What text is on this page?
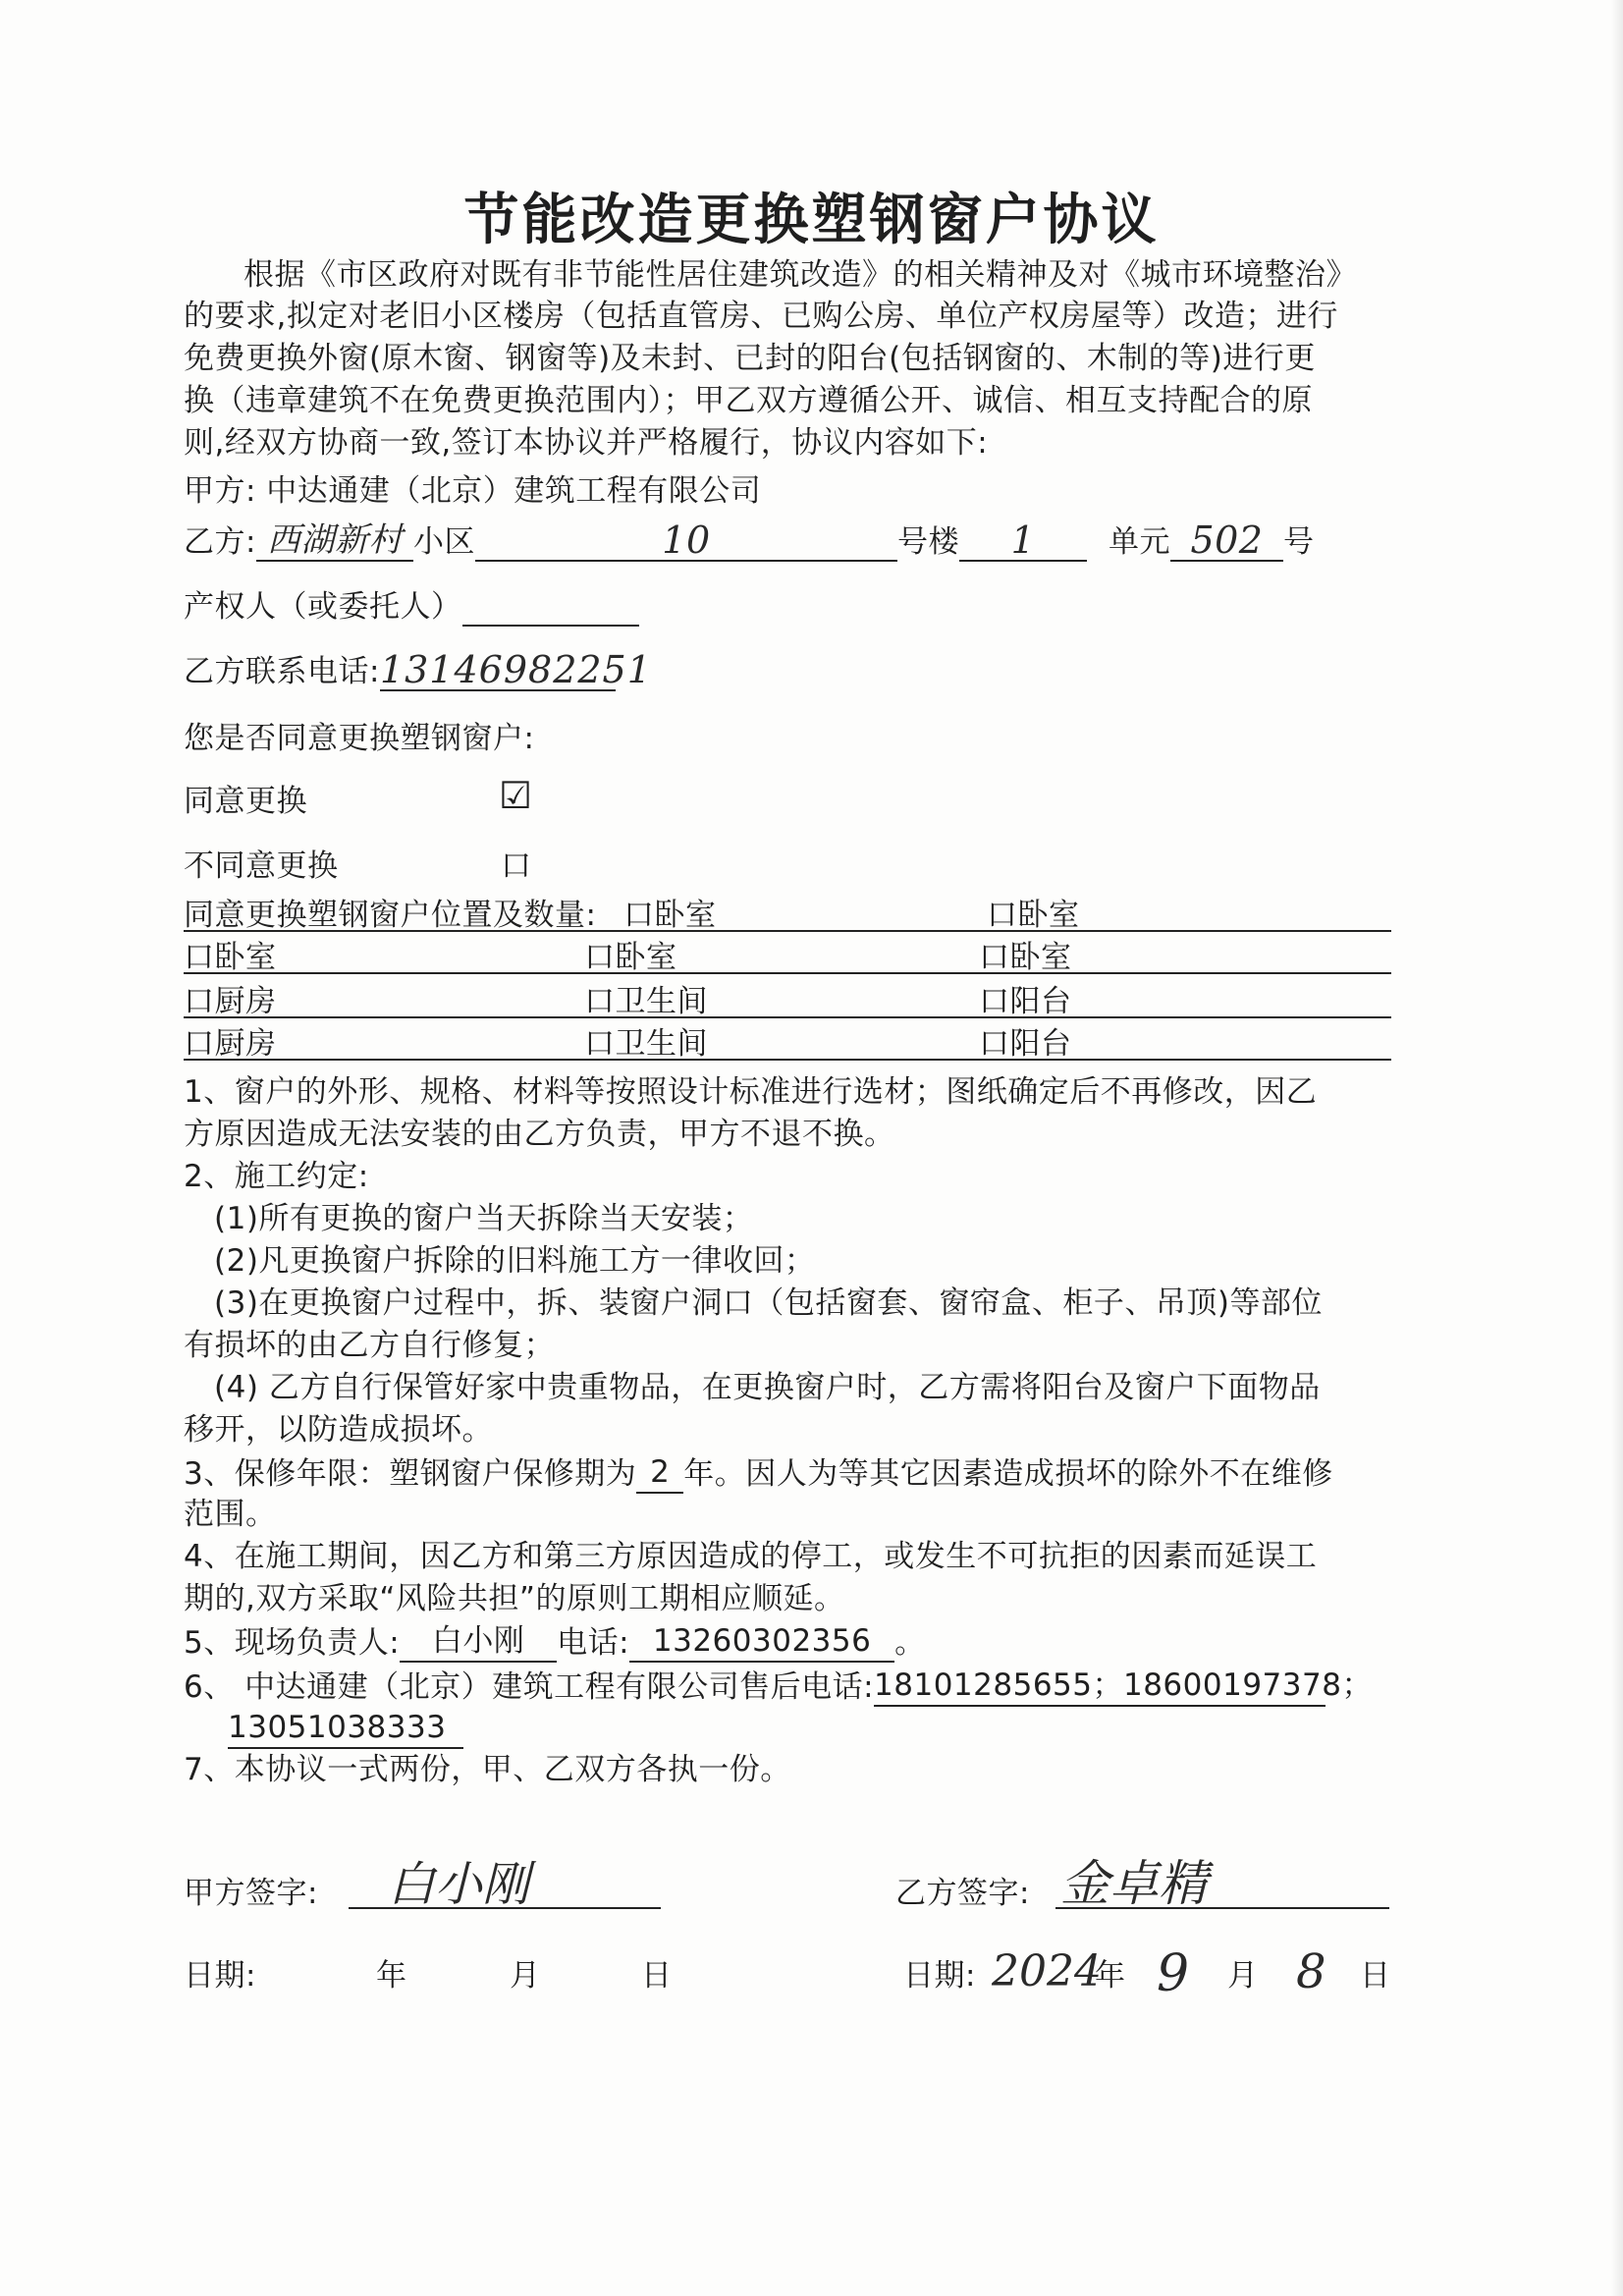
节能改造更换塑钢窗户协议
根据《市区政府对既有非节能性居住建筑改造》的相关精神及对《城市环境整治》
的要求,拟定对老旧小区楼房（包括直管房、已购公房、单位产权房屋等）改造；进行
免费更换外窗(原木窗、钢窗等)及未封、已封的阳台(包括钢窗的、木制的等)进行更
换（违章建筑不在免费更换范围内）；甲乙双方遵循公开、诚信、相互支持配合的原
则,经双方协商一致,签订本协议并严格履行，协议内容如下:
甲方: 中达通建（北京）建筑工程有限公司
乙方: 西湖新村 小区	10	号楼 1 单元 502 号
产权人（或委托人）
乙方联系电话:13146982251
您是否同意更换塑钢窗户:
同意更换	☑
不同意更换	口
同意更换塑钢窗户位置及数量: 口卧室	口卧室
口卧室	口卧室	口卧室
口厨房	口卫生间	口阳台
口厨房	口卫生间	口阳台
1、窗户的外形、规格、材料等按照设计标准进行选材；图纸确定后不再修改，因乙
方原因造成无法安装的由乙方负责，甲方不退不换。
2、施工约定:
(1)所有更换的窗户当天拆除当天安装；
(2)凡更换窗户拆除的旧料施工方一律收回；
(3)在更换窗户过程中，拆、装窗户洞口（包括窗套、窗帘盒、柜子、吊顶)等部位
有损坏的由乙方自行修复；
(4) 乙方自行保管好家中贵重物品，在更换窗户时，乙方需将阳台及窗户下面物品
移开，以防造成损坏。
3、保修年限：塑钢窗户保修期为 2 年。因人为等其它因素造成损坏的除外不在维修
范围。
4、在施工期间，因乙方和第三方原因造成的停工，或发生不可抗拒的因素而延误工
期的,双方采取“风险共担”的原则工期相应顺延。
5、现场负责人: 白小刚 电话: 13260302356 。
6、 中达通建（北京）建筑工程有限公司售后电话:18101285655；18600197378；
13051038333
7、本协议一式两份，甲、乙双方各执一份。
甲方签字: 白小刚	乙方签字: 金卓精
日期:	年	月	日	日期: 2024
年 9 月 8 日
